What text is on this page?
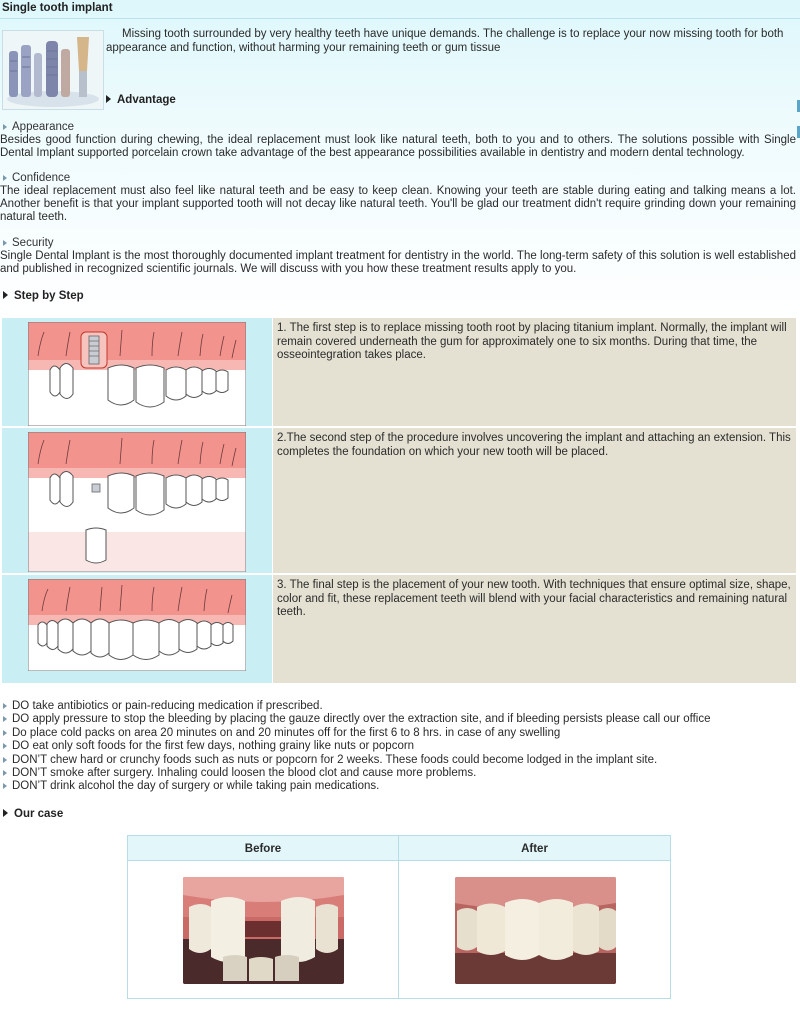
Single tooth implant
Missing tooth surrounded by very healthy teeth have unique demands. The challenge is to replace your now missing tooth for both appearance and function, without harming your remaining teeth or gum tissue
Advantage
Appearance
Besides good function during chewing, the ideal replacement must look like natural teeth, both to you and to others. The solutions possible with Single Dental Implant supported porcelain crown take advantage of the best appearance possibilities available in dentistry and modern dental technology.
Confidence
The ideal replacement must also feel like natural teeth and be easy to keep clean. Knowing your teeth are stable during eating and talking means a lot. Another benefit is that your implant supported tooth will not decay like natural teeth. You'll be glad our treatment didn't require grinding down your remaining natural teeth.
Security
Single Dental Implant is the most thoroughly documented implant treatment for dentistry in the world. The long-term safety of this solution is well established and published in recognized scientific journals. We will discuss with you how these treatment results apply to you.
Step by Step
1. The first step is to replace missing tooth root by placing titanium implant. Normally, the implant will remain covered underneath the gum for approximately one to six months. During that time, the osseointegration takes place.
2.The second step of the procedure involves uncovering the implant and attaching an extension. This completes the foundation on which your new tooth will be placed.
3. The final step is the placement of your new tooth. With techniques that ensure optimal size, shape, color and fit, these replacement teeth will blend with your facial characteristics and remaining natural teeth.
DO take antibiotics or pain-reducing medication if prescribed.
DO apply pressure to stop the bleeding by placing the gauze directly over the extraction site, and if bleeding persists please call our office
Do place cold packs on area 20 minutes on and 20 minutes off for the first 6 to 8 hrs. in case of any swelling
DO eat only soft foods for the first few days, nothing grainy like nuts or popcorn
DON’T chew hard or crunchy foods such as nuts or popcorn for 2 weeks. These foods could become lodged in the implant site.
DON’T smoke after surgery. Inhaling could loosen the blood clot and cause more problems.
DON’T drink alcohol the day of surgery or while taking pain medications.
Our case
Before	After
